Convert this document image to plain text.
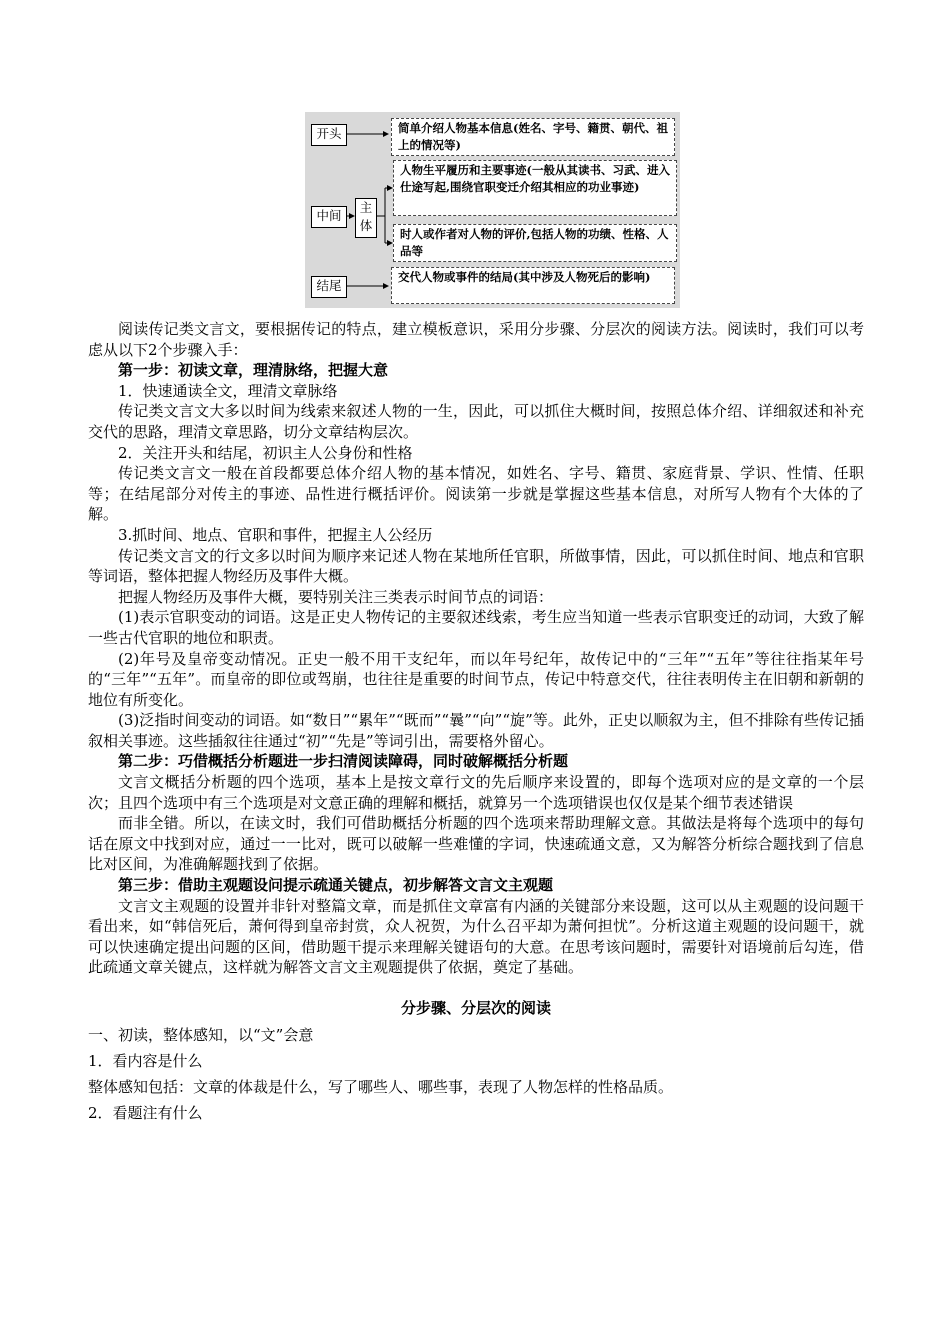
开头
中间
结尾
主
体
简单介绍人物基本信息(姓名、字号、籍贯、朝代、祖上的情况等)
人物生平履历和主要事迹(一般从其读书、习武、进入仕途写起,围绕官职变迁介绍其相应的功业事迹)
时人或作者对人物的评价,包括人物的功绩、性格、人品等
交代人物或事件的结局(其中涉及人物死后的影响)

阅读传记类文言文，要根据传记的特点，建立模板意识，采用分步骤、分层次的阅读方法。阅读时，我们可以考虑从以下2个步骤入手：

第一步：初读文章，理清脉络，把握大意

1．快速通读全文，理清文章脉络

传记类文言文大多以时间为线索来叙述人物的一生，因此，可以抓住大概时间，按照总体介绍、详细叙述和补充交代的思路，理清文章思路，切分文章结构层次。

2．关注开头和结尾，初识主人公身份和性格

传记类文言文一般在首段都要总体介绍人物的基本情况，如姓名、字号、籍贯、家庭背景、学识、性情、任职等；在结尾部分对传主的事迹、品性进行概括评价。阅读第一步就是掌握这些基本信息，对所写人物有个大体的了解。

3.抓时间、地点、官职和事件，把握主人公经历

传记类文言文的行文多以时间为顺序来记述人物在某地所任官职，所做事情，因此，可以抓住时间、地点和官职等词语，整体把握人物经历及事件大概。

把握人物经历及事件大概，要特别关注三类表示时间节点的词语：

(1)表示官职变动的词语。这是正史人物传记的主要叙述线索，考生应当知道一些表示官职变迁的动词，大致了解一些古代官职的地位和职责。

(2)年号及皇帝变动情况。正史一般不用干支纪年，而以年号纪年，故传记中的“三年”“五年”等往往指某年号的“三年”“五年”。而皇帝的即位或驾崩，也往往是重要的时间节点，传记中特意交代，往往表明传主在旧朝和新朝的地位有所变化。

(3)泛指时间变动的词语。如“数日”“累年”“既而”“曩”“向”“旋”等。此外，正史以顺叙为主，但不排除有些传记插叙相关事迹。这些插叙往往通过“初”“先是”等词引出，需要格外留心。

第二步：巧借概括分析题进一步扫清阅读障碍，同时破解概括分析题

文言文概括分析题的四个选项，基本上是按文章行文的先后顺序来设置的，即每个选项对应的是文章的一个层次；且四个选项中有三个选项是对文意正确的理解和概括，就算另一个选项错误也仅仅是某个细节表述错误

而非全错。所以，在读文时，我们可借助概括分析题的四个选项来帮助理解文意。其做法是将每个选项中的每句话在原文中找到对应，通过一一比对，既可以破解一些难懂的字词，快速疏通文意，又为解答分析综合题找到了信息比对区间，为准确解题找到了依据。

第三步：借助主观题设问提示疏通关键点，初步解答文言文主观题

文言文主观题的设置并非针对整篇文章，而是抓住文章富有内涵的关键部分来设题，这可以从主观题的设问题干看出来，如“韩信死后，萧何得到皇帝封赏，众人祝贺，为什么召平却为萧何担忧”。分析这道主观题的设问题干，就可以快速确定提出问题的区间，借助题干提示来理解关键语句的大意。在思考该问题时，需要针对语境前后勾连，借此疏通文章关键点，这样就为解答文言文主观题提供了依据，奠定了基础。

分步骤、分层次的阅读

一、初读，整体感知，以“文”会意

1．看内容是什么

整体感知包括：文章的体裁是什么，写了哪些人、哪些事，表现了人物怎样的性格品质。

2．看题注有什么
